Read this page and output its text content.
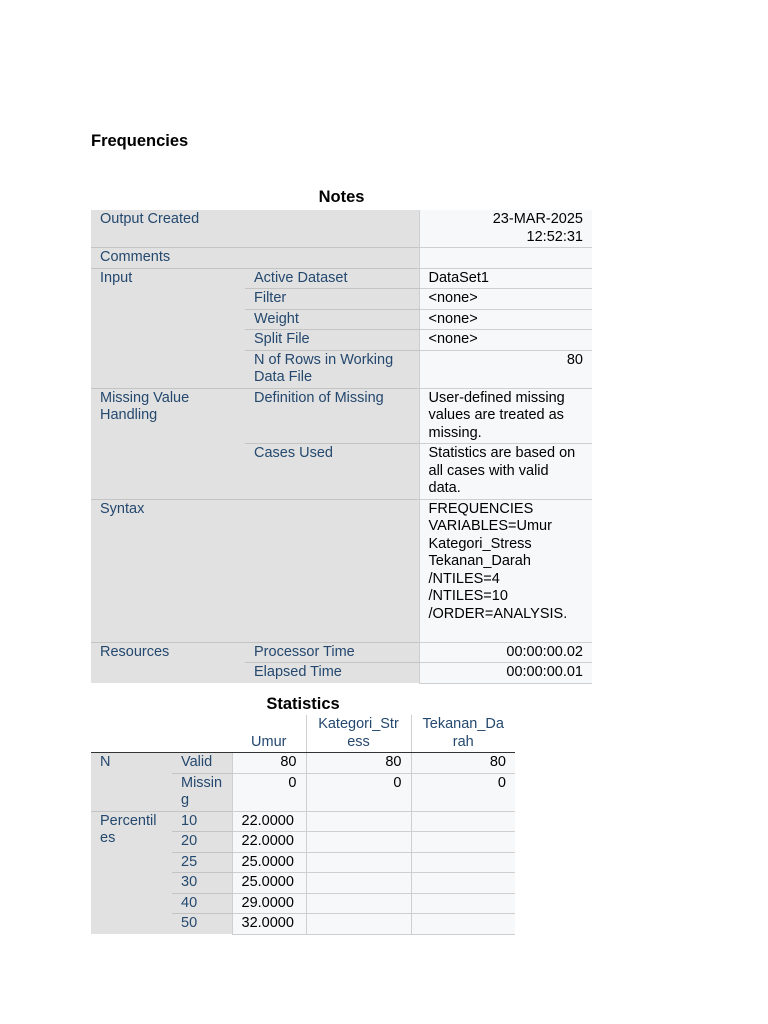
Frequencies
Notes
Output Created		23-MAR-2025
12:52:31
Comments		
Input	Active Dataset	DataSet1
	Filter	<none>
	Weight	<none>
	Split File	<none>
	N of Rows in Working Data File	80
Missing Value Handling	Definition of Missing	User-defined missing values are treated as missing.
	Cases Used	Statistics are based on all cases with valid data.
Syntax		FREQUENCIES VARIABLES=Umur Kategori_Stress Tekanan_Darah
/NTILES=4
/NTILES=10
/ORDER=ANALYSIS.
Resources	Processor Time	00:00:00.02
	Elapsed Time	00:00:00.01
Statistics
		Umur	Kategori_Stress	Tekanan_Darah
N	Valid	80	80	80
	Missing	0	0	0
Percentiles	10	22.0000		
	20	22.0000		
	25	25.0000		
	30	25.0000		
	40	29.0000		
	50	32.0000		
